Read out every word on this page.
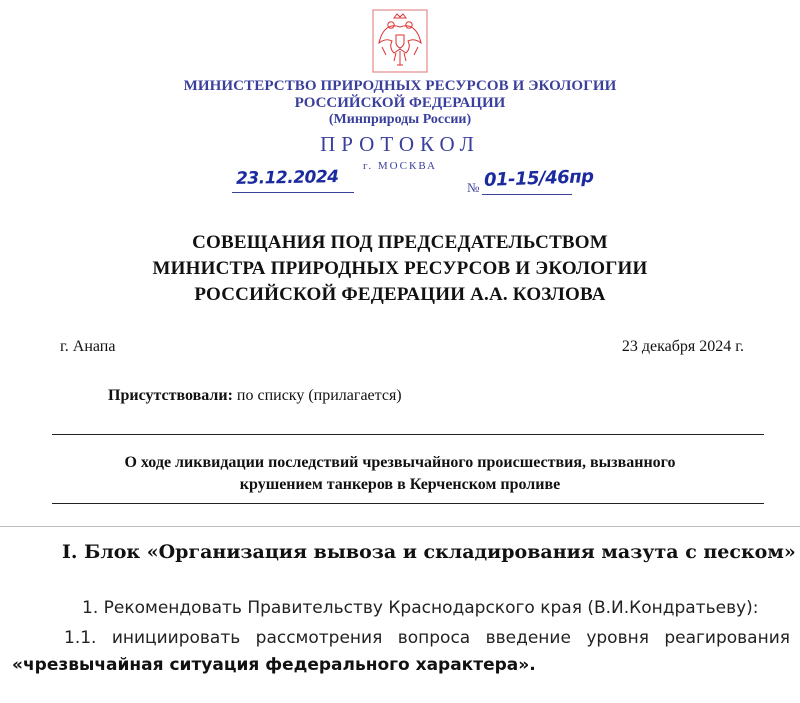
МИНИСТЕРСТВО ПРИРОДНЫХ РЕСУРСОВ И ЭКОЛОГИИ
РОССИЙСКОЙ ФЕДЕРАЦИИ
(Минприроды России)
ПРОТОКОЛ
г. МОСКВА
23.12.2024	№ 01-15/46пр
СОВЕЩАНИЯ ПОД ПРЕДСЕДАТЕЛЬСТВОМ
МИНИСТРА ПРИРОДНЫХ РЕСУРСОВ И ЭКОЛОГИИ
РОССИЙСКОЙ ФЕДЕРАЦИИ А.А. КОЗЛОВА
г. Анапа	23 декабря 2024 г.
Присутствовали: по списку (прилагается)
О ходе ликвидации последствий чрезвычайного происшествия, вызванного
крушением танкеров в Керченском проливе
I. Блок «Организация вывоза и складирования мазута с песком»
1. Рекомендовать Правительству Краснодарского края (В.И.Кондратьеву):
1.1. инициировать рассмотрения вопроса введение уровня реагирования
«чрезвычайная ситуация федерального характера».
